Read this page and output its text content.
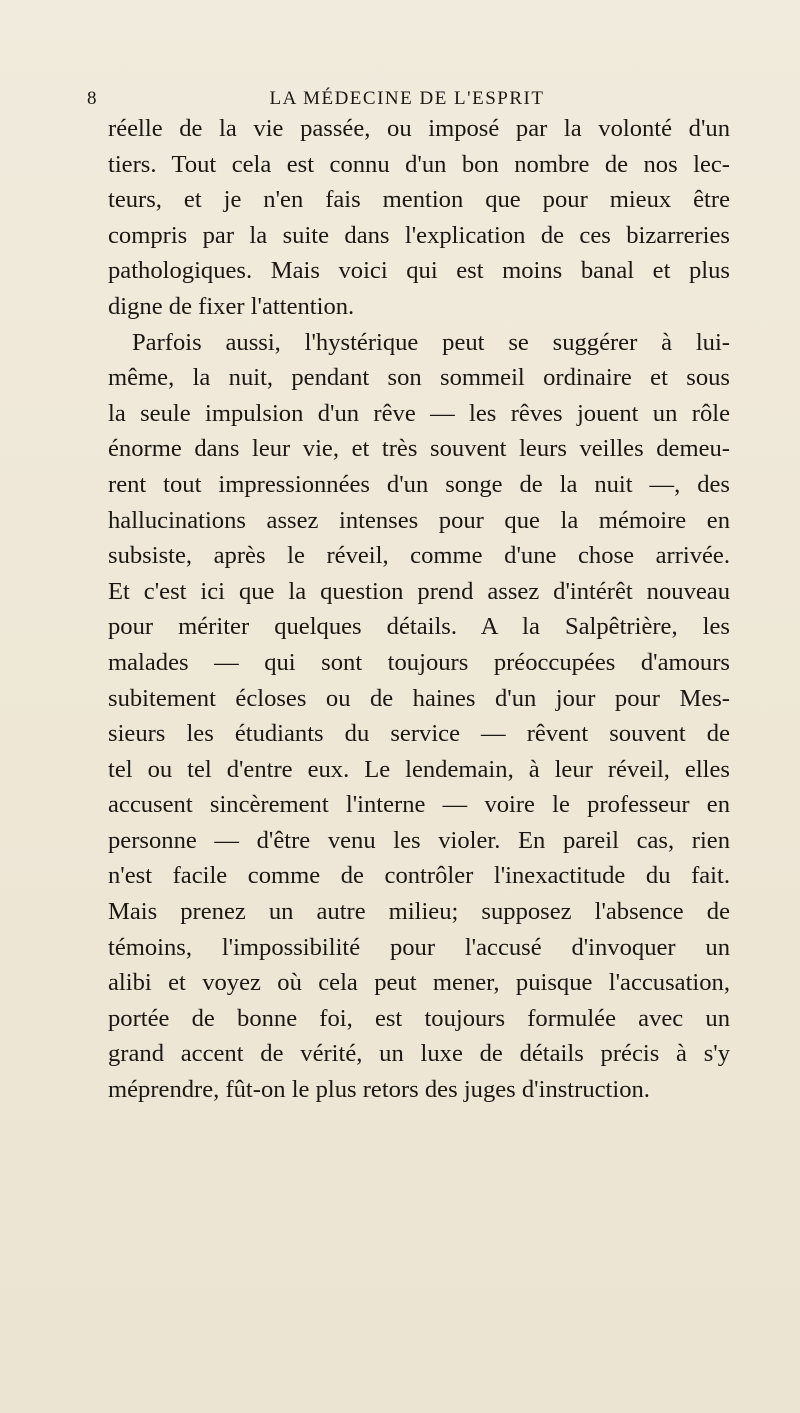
8	LA MÉDECINE DE L'ESPRIT

réelle de la vie passée, ou imposé par la volonté d'un
tiers. Tout cela est connu d'un bon nombre de nos lec-
teurs, et je n'en fais mention que pour mieux être
compris par la suite dans l'explication de ces bizarreries
pathologiques. Mais voici qui est moins banal et plus
digne de fixer l'attention.

Parfois aussi, l'hystérique peut se suggérer à lui-
même, la nuit, pendant son sommeil ordinaire et sous
la seule impulsion d'un rêve — les rêves jouent un rôle
énorme dans leur vie, et très souvent leurs veilles demeu-
rent tout impressionnées d'un songe de la nuit —, des
hallucinations assez intenses pour que la mémoire en
subsiste, après le réveil, comme d'une chose arrivée.
Et c'est ici que la question prend assez d'intérêt nouveau
pour mériter quelques détails. A la Salpêtrière, les
malades — qui sont toujours préoccupées d'amours
subitement écloses ou de haines d'un jour pour Mes-
sieurs les étudiants du service — rêvent souvent de
tel ou tel d'entre eux. Le lendemain, à leur réveil, elles
accusent sincèrement l'interne — voire le professeur en
personne — d'être venu les violer. En pareil cas, rien
n'est facile comme de contrôler l'inexactitude du fait.
Mais prenez un autre milieu; supposez l'absence de
témoins, l'impossibilité pour l'accusé d'invoquer un
alibi et voyez où cela peut mener, puisque l'accusation,
portée de bonne foi, est toujours formulée avec un
grand accent de vérité, un luxe de détails précis à s'y
méprendre, fût-on le plus retors des juges d'instruction.
